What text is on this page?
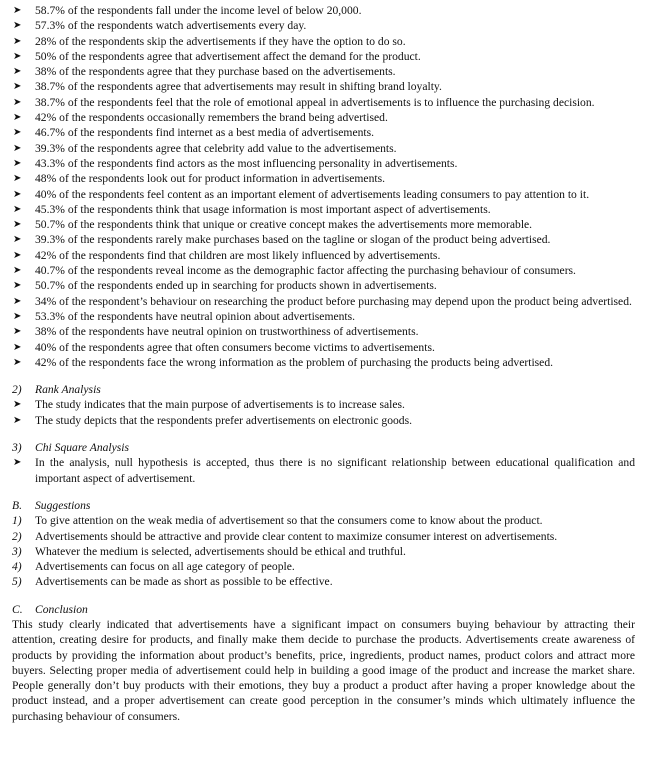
➤ 58.7% of the respondents fall under the income level of below 20,000.
➤ 57.3% of the respondents watch advertisements every day.
➤ 28% of the respondents skip the advertisements if they have the option to do so.
➤ 50% of the respondents agree that advertisement affect the demand for the product.
➤ 38% of the respondents agree that they purchase based on the advertisements.
➤ 38.7% of the respondents agree that advertisements may result in shifting brand loyalty.
➤ 38.7% of the respondents feel that the role of emotional appeal in advertisements is to influence the purchasing decision.
➤ 42% of the respondents occasionally remembers the brand being advertised.
➤ 46.7% of the respondents find internet as a best media of advertisements.
➤ 39.3% of the respondents agree that celebrity add value to the advertisements.
➤ 43.3% of the respondents find actors as the most influencing personality in advertisements.
➤ 48% of the respondents look out for product information in advertisements.
➤ 40% of the respondents feel content as an important element of advertisements leading consumers to pay attention to it.
➤ 45.3% of the respondents think that usage information is most important aspect of advertisements.
➤ 50.7% of the respondents think that unique or creative concept makes the advertisements more memorable.
➤ 39.3% of the respondents rarely make purchases based on the tagline or slogan of the product being advertised.
➤ 42% of the respondents find that children are most likely influenced by advertisements.
➤ 40.7% of the respondents reveal income as the demographic factor affecting the purchasing behaviour of consumers.
➤ 50.7% of the respondents ended up in searching for products shown in advertisements.
➤ 34% of the respondent’s behaviour on researching the product before purchasing may depend upon the product being advertised.
➤ 53.3% of the respondents have neutral opinion about advertisements.
➤ 38% of the respondents have neutral opinion on trustworthiness of advertisements.
➤ 40% of the respondents agree that often consumers become victims to advertisements.
➤ 42% of the respondents face the wrong information as the problem of purchasing the products being advertised.
2)	Rank Analysis
➤ The study indicates that the main purpose of advertisements is to increase sales.
➤ The study depicts that the respondents prefer advertisements on electronic goods.
3)	Chi Square Analysis
➤ In the analysis, null hypothesis is accepted, thus there is no significant relationship between educational qualification and important aspect of advertisement.
B.	Suggestions
1)	To give attention on the weak media of advertisement so that the consumers come to know about the product.
2)	Advertisements should be attractive and provide clear content to maximize consumer interest on advertisements.
3)	Whatever the medium is selected, advertisements should be ethical and truthful.
4)	Advertisements can focus on all age category of people.
5)	Advertisements can be made as short as possible to be effective.
C.	Conclusion
This study clearly indicated that advertisements have a significant impact on consumers buying behaviour by attracting their attention, creating desire for products, and finally make them decide to purchase the products. Advertisements create awareness of products by providing the information about product’s benefits, price, ingredients, product names, product colors and attract more buyers. Selecting proper media of advertisement could help in building a good image of the product and increase the market share. People generally don’t buy products with their emotions, they buy a product a product after having a proper knowledge about the product instead, and a proper advertisement can create good perception in the consumer’s minds which ultimately influence the purchasing behaviour of consumers.
